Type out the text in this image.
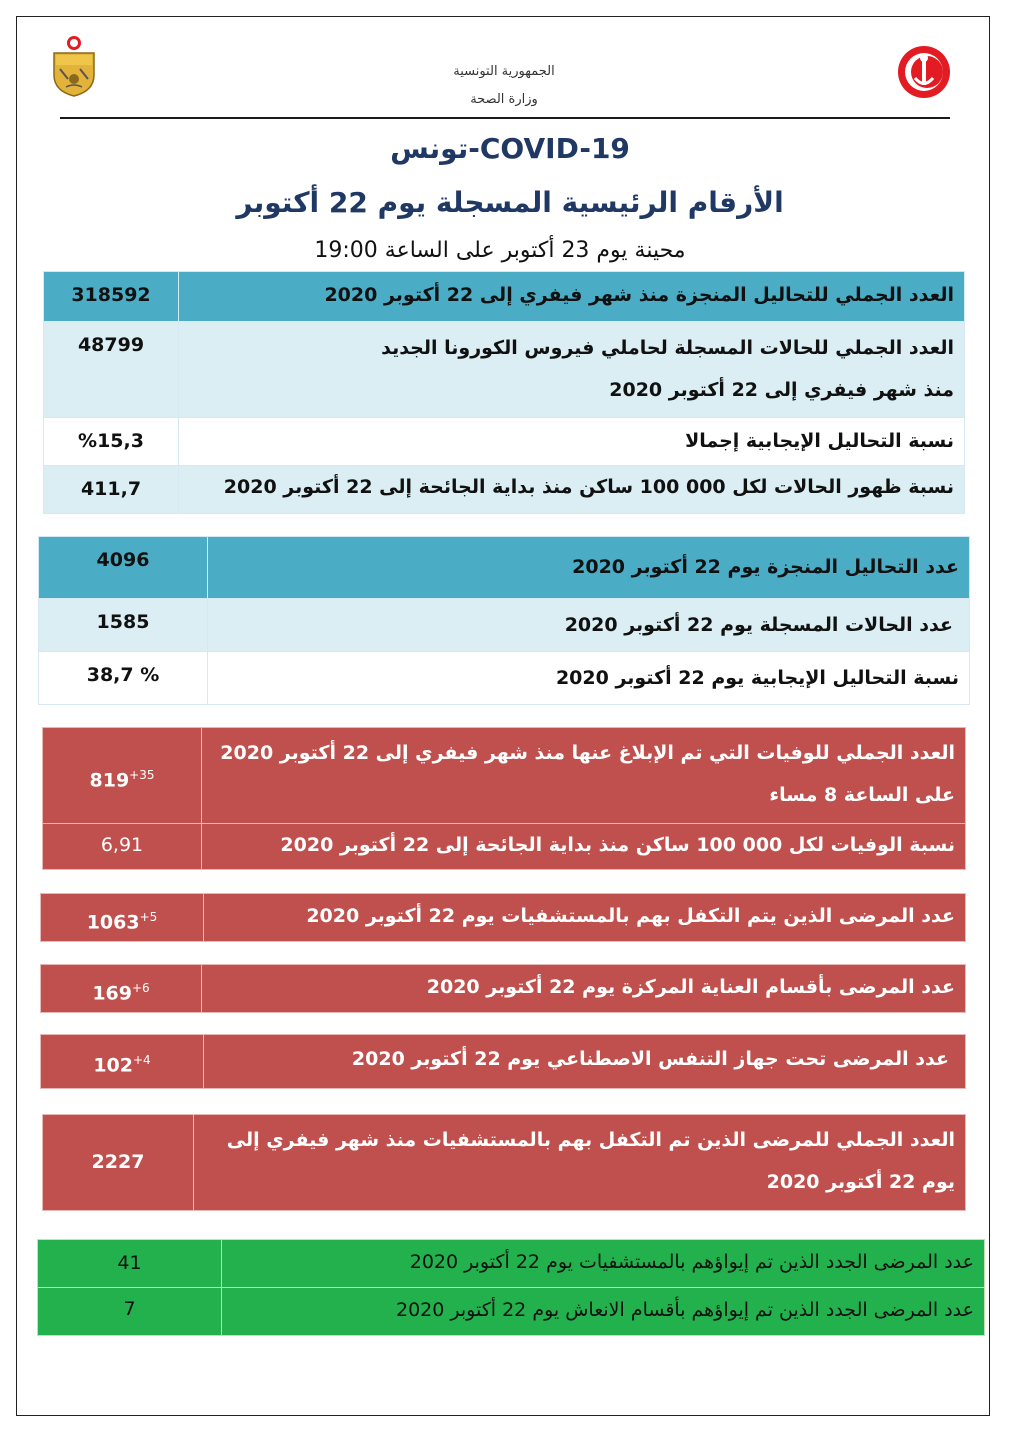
الجمهورية التونسية
وزارة الصحة
COVID-19-تونس
الأرقام الرئيسية المسجلة يوم 22 أكتوبر
محينة يوم 23 أكتوبر على الساعة 19:00
العدد الجملي للتحاليل المنجزة منذ شهر فيفري إلى 22 أكتوبر 2020	318592
العدد الجملي للحالات المسجلة لحاملي فيروس الكورونا الجديد منذ شهر فيفري إلى 22 أكتوبر 2020	48799
نسبة التحاليل الإيجابية إجمالا	%15,3
نسبة ظهور الحالات لكل 000 100 ساكن منذ بداية الجائحة إلى 22 أكتوبر 2020	411,7
عدد التحاليل المنجزة يوم 22 أكتوبر 2020	4096
عدد الحالات المسجلة يوم 22 أكتوبر 2020	1585
نسبة التحاليل الإيجابية يوم 22 أكتوبر 2020	% 38,7
العدد الجملي للوفيات التي تم الإبلاغ عنها منذ شهر فيفري إلى 22 أكتوبر 2020 على الساعة 8 مساء	$819^{+35}$
نسبة الوفيات لكل 000 100 ساكن منذ بداية الجائحة إلى 22 أكتوبر 2020	6,91
عدد المرضى الذين يتم التكفل بهم بالمستشفيات يوم 22 أكتوبر 2020	$1063^{+5}$
عدد المرضى بأقسام العناية المركزة يوم 22 أكتوبر 2020	$169^{+6}$
عدد المرضى تحت جهاز التنفس الاصطناعي يوم 22 أكتوبر 2020	$102^{+4}$
العدد الجملي للمرضى الذين تم التكفل بهم بالمستشفيات منذ شهر فيفري إلى يوم 22 أكتوبر 2020	2227
عدد المرضى الجدد الذين تم إيواؤهم بالمستشفيات يوم 22 أكتوبر 2020	41
عدد المرضى الجدد الذين تم إيواؤهم بأقسام الانعاش يوم 22 أكتوبر 2020	7
